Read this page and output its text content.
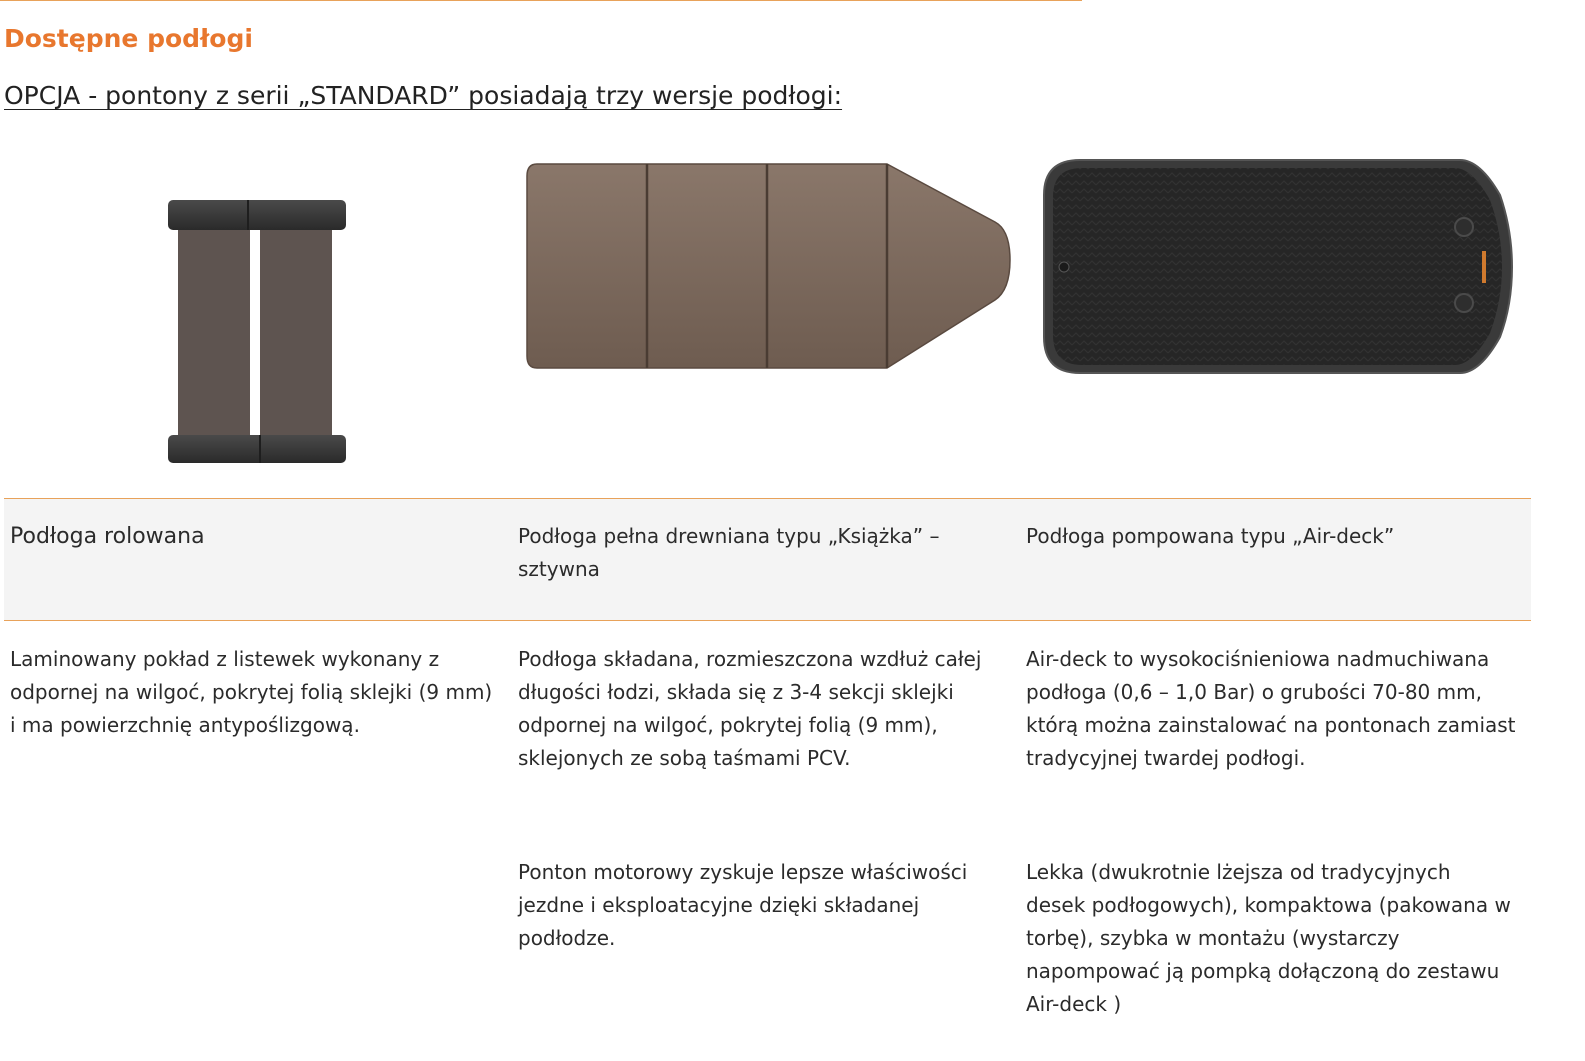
Dostępne podłogi

OPCJA - pontony z serii „STANDARD” posiadają trzy wersje podłogi:

Podłoga rolowana	Podłoga pełna drewniana typu „Książka” – sztywna
Podłoga pompowana typu „Air-deck”
Laminowany pokład z listewek wykonany z odpornej na wilgoć, pokrytej folią sklejki (9 mm) i ma powierzchnię antypoślizgową.
Podłoga składana, rozmieszczona wzdłuż całej długości łodzi, składa się z 3-4 sekcji sklejki odpornej na wilgoć, pokrytej folią (9 mm), sklejonych ze sobą taśmami PCV.
Air-deck to wysokociśnieniowa nadmuchiwana podłoga (0,6 – 1,0 Bar) o grubości 70-80 mm, którą można zainstalować na pontonach zamiast tradycyjnej twardej podłogi.
Ponton motorowy zyskuje lepsze właściwości jezdne i eksploatacyjne dzięki składanej podłodze.
Lekka (dwukrotnie lżejsza od tradycyjnych desek podłogowych), kompaktowa (pakowana w torbę), szybka w montażu (wystarczy napompować ją pompką dołączoną do zestawu Air-deck )
